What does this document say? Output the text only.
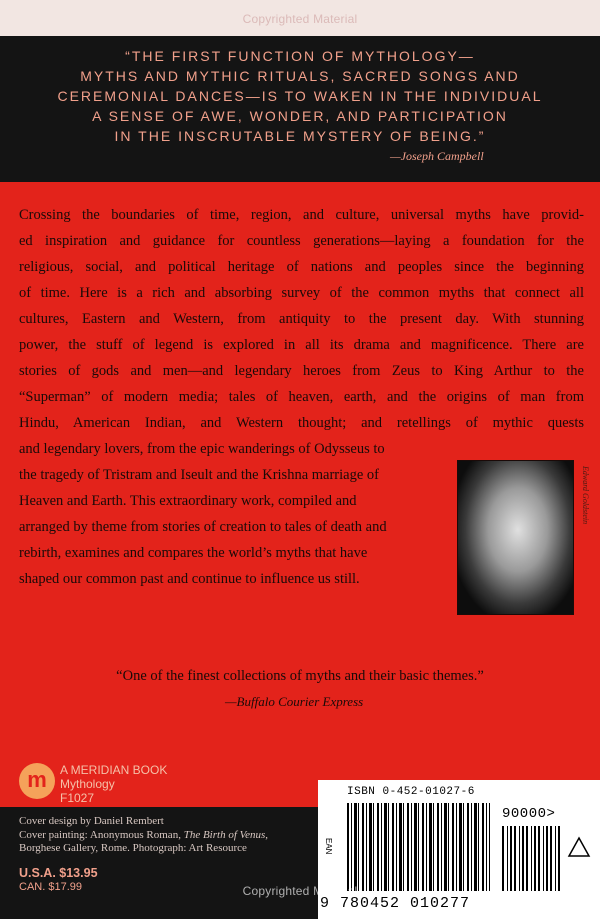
Copyrighted Material
“THE FIRST FUNCTION OF MYTHOLOGY—
MYTHS AND MYTHIC RITUALS, SACRED SONGS AND
CEREMONIAL DANCES—IS TO WAKEN IN THE INDIVIDUAL
A SENSE OF AWE, WONDER, AND PARTICIPATION
IN THE INSCRUTABLE MYSTERY OF BEING.”
—Joseph Campbell
Crossing the boundaries of time, region, and culture, universal myths have provid-
ed inspiration and guidance for countless generations—laying a foundation for the
religious, social, and political heritage of nations and peoples since the beginning
of time. Here is a rich and absorbing survey of the common myths that connect all
cultures, Eastern and Western, from antiquity to the present day. With stunning
power, the stuff of legend is explored in all its drama and magnificence. There are
stories of gods and men—and legendary heroes from Zeus to King Arthur to the
“Superman” of modern media; tales of heaven, earth, and the origins of man from
Hindu, American Indian, and Western thought; and retellings of mythic quests
and legendary lovers, from the epic wanderings of Odysseus to
the tragedy of Tristram and Iseult and the Krishna marriage of
Heaven and Earth. This extraordinary work, compiled and
arranged by theme from stories of creation to tales of death and
rebirth, examines and compares the world’s myths that have
shaped our common past and continue to influence us still.
Edward Goldstein
“One of the finest collections of myths and their basic themes.”
—Buffalo Courier Express
m	A MERIDIAN BOOK
Mythology
F1027
Cover design by Daniel Rembert
Cover painting: Anonymous Roman, The Birth of Venus,
Borghese Gallery, Rome. Photograph: Art Resource
U.S.A. $13.95
CAN. $17.99
ISBN 0-452-01027-6
EAN
90000>
9 780452 010277
Copyrighted Material
